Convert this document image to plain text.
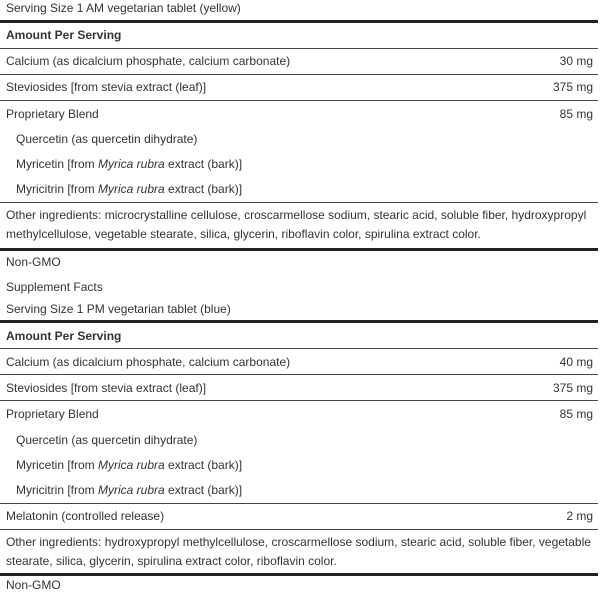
Serving Size 1 AM vegetarian tablet (yellow)
Amount Per Serving
Calcium (as dicalcium phosphate, calcium carbonate)	30 mg
Steviosides [from stevia extract (leaf)]	375 mg
Proprietary Blend	85 mg
Quercetin (as quercetin dihydrate)
Myricetin [from Myrica rubra extract (bark)]
Myricitrin [from Myrica rubra extract (bark)]
Other ingredients: microcrystalline cellulose, croscarmellose sodium, stearic acid, soluble fiber, hydroxypropyl methylcellulose, vegetable stearate, silica, glycerin, riboflavin color, spirulina extract color.
Non-GMO
Supplement Facts
Serving Size 1 PM vegetarian tablet (blue)
Amount Per Serving
Calcium (as dicalcium phosphate, calcium carbonate)	40 mg
Steviosides [from stevia extract (leaf)]	375 mg
Proprietary Blend	85 mg
Quercetin (as quercetin dihydrate)
Myricetin [from Myrica rubra extract (bark)]
Myricitrin [from Myrica rubra extract (bark)]
Melatonin (controlled release)	2 mg
Other ingredients: hydroxypropyl methylcellulose, croscarmellose sodium, stearic acid, soluble fiber, vegetable stearate, silica, glycerin, spirulina extract color, riboflavin color.
Non-GMO
